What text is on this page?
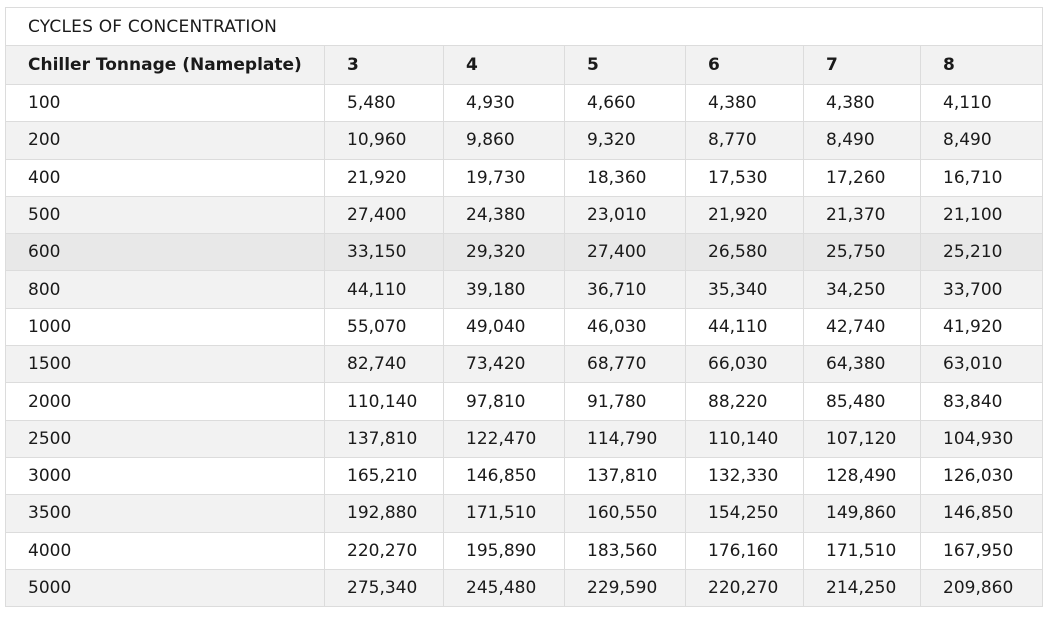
CYCLES OF CONCENTRATION						
Chiller Tonnage (Nameplate)	3	4	5	6	7	8
100	5,480	4,930	4,660	4,380	4,380	4,110
200	10,960	9,860	9,320	8,770	8,490	8,490
400	21,920	19,730	18,360	17,530	17,260	16,710
500	27,400	24,380	23,010	21,920	21,370	21,100
600	33,150	29,320	27,400	26,580	25,750	25,210
800	44,110	39,180	36,710	35,340	34,250	33,700
1000	55,070	49,040	46,030	44,110	42,740	41,920
1500	82,740	73,420	68,770	66,030	64,380	63,010
2000	110,140	97,810	91,780	88,220	85,480	83,840
2500	137,810	122,470	114,790	110,140	107,120	104,930
3000	165,210	146,850	137,810	132,330	128,490	126,030
3500	192,880	171,510	160,550	154,250	149,860	146,850
4000	220,270	195,890	183,560	176,160	171,510	167,950
5000	275,340	245,480	229,590	220,270	214,250	209,860
